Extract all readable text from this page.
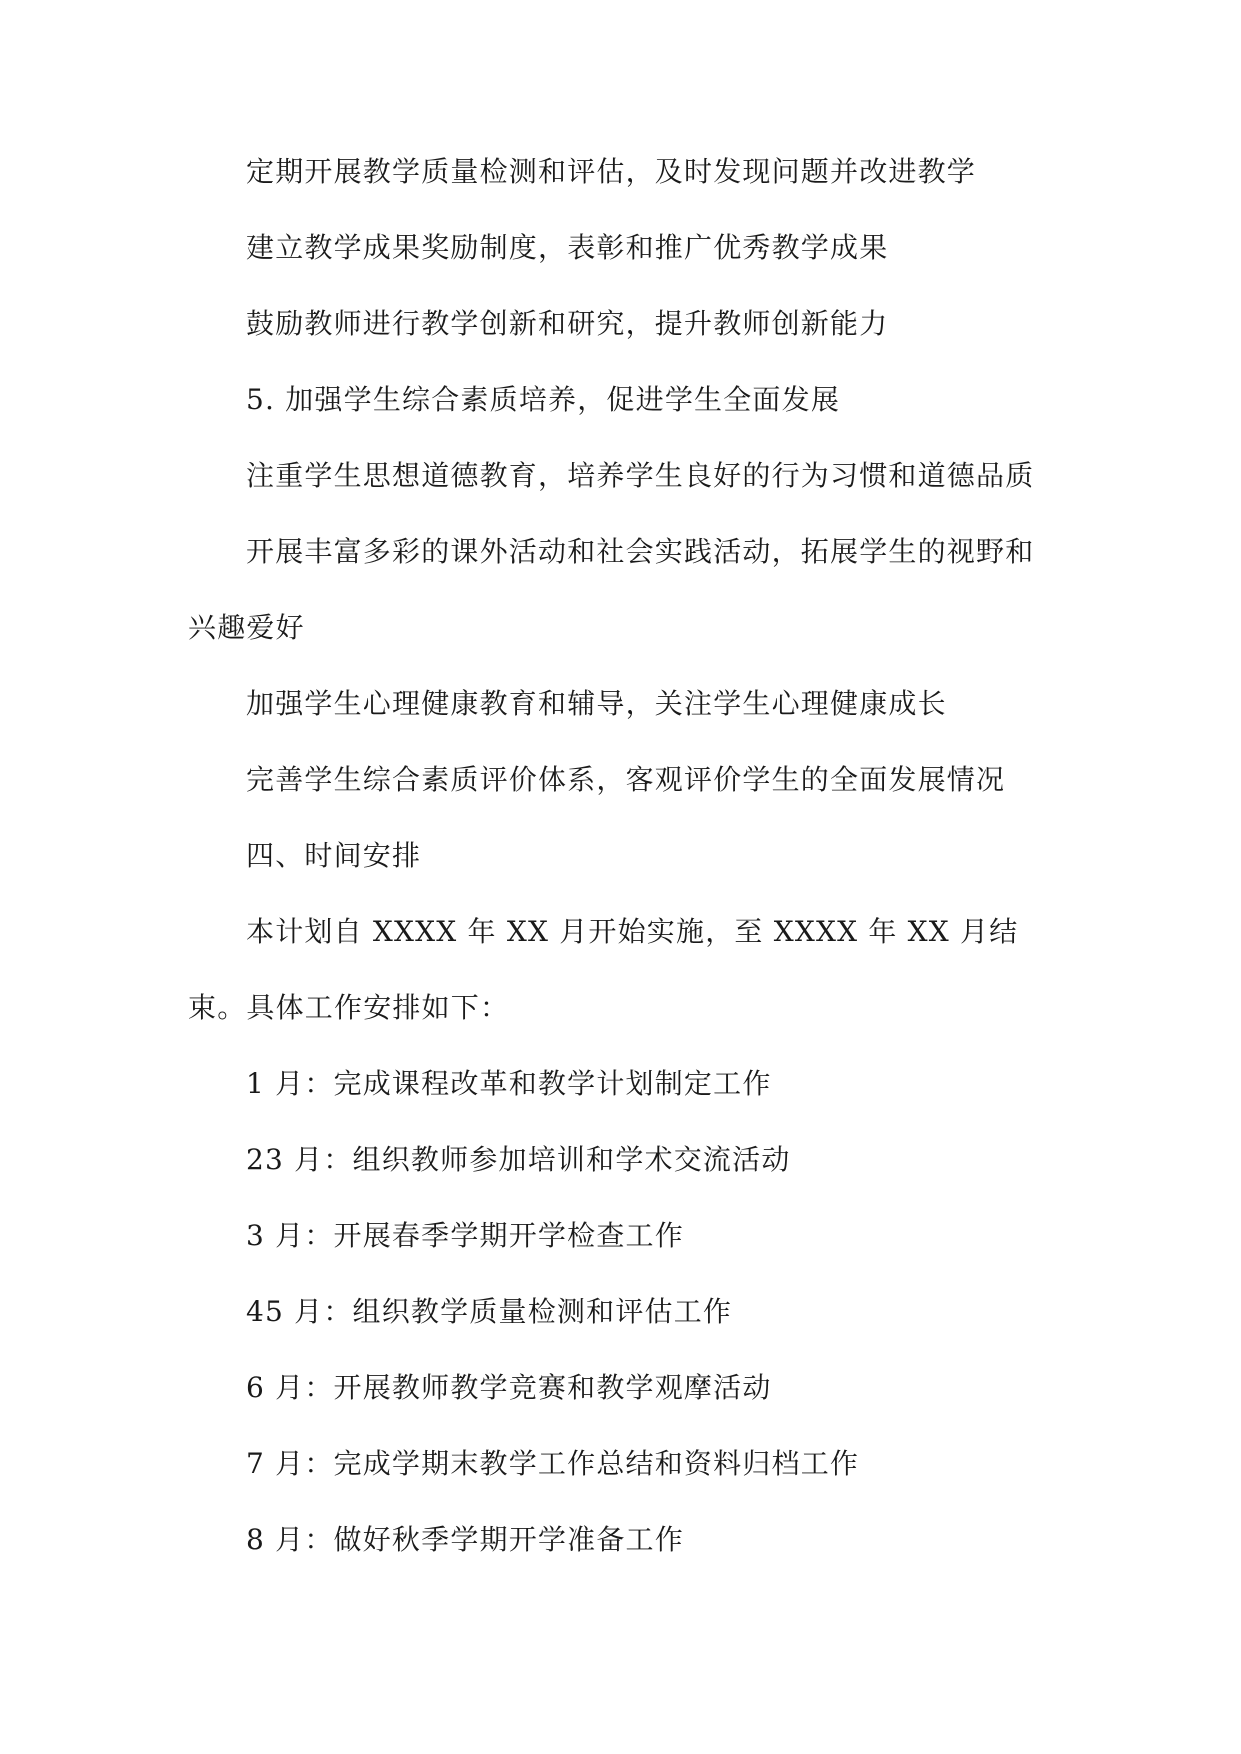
定期开展教学质量检测和评估，及时发现问题并改进教学

建立教学成果奖励制度，表彰和推广优秀教学成果

鼓励教师进行教学创新和研究，提升教师创新能力

5. 加强学生综合素质培养，促进学生全面发展

注重学生思想道德教育，培养学生良好的行为习惯和道德品质

开展丰富多彩的课外活动和社会实践活动，拓展学生的视野和兴趣爱好

加强学生心理健康教育和辅导，关注学生心理健康成长

完善学生综合素质评价体系，客观评价学生的全面发展情况

四、时间安排

本计划自 XXXX 年 XX 月开始实施，至 XXXX 年 XX 月结束。具体工作安排如下：

1 月：完成课程改革和教学计划制定工作

23 月：组织教师参加培训和学术交流活动

3 月：开展春季学期开学检查工作

45 月：组织教学质量检测和评估工作

6 月：开展教师教学竞赛和教学观摩活动

7 月：完成学期末教学工作总结和资料归档工作

8 月：做好秋季学期开学准备工作
